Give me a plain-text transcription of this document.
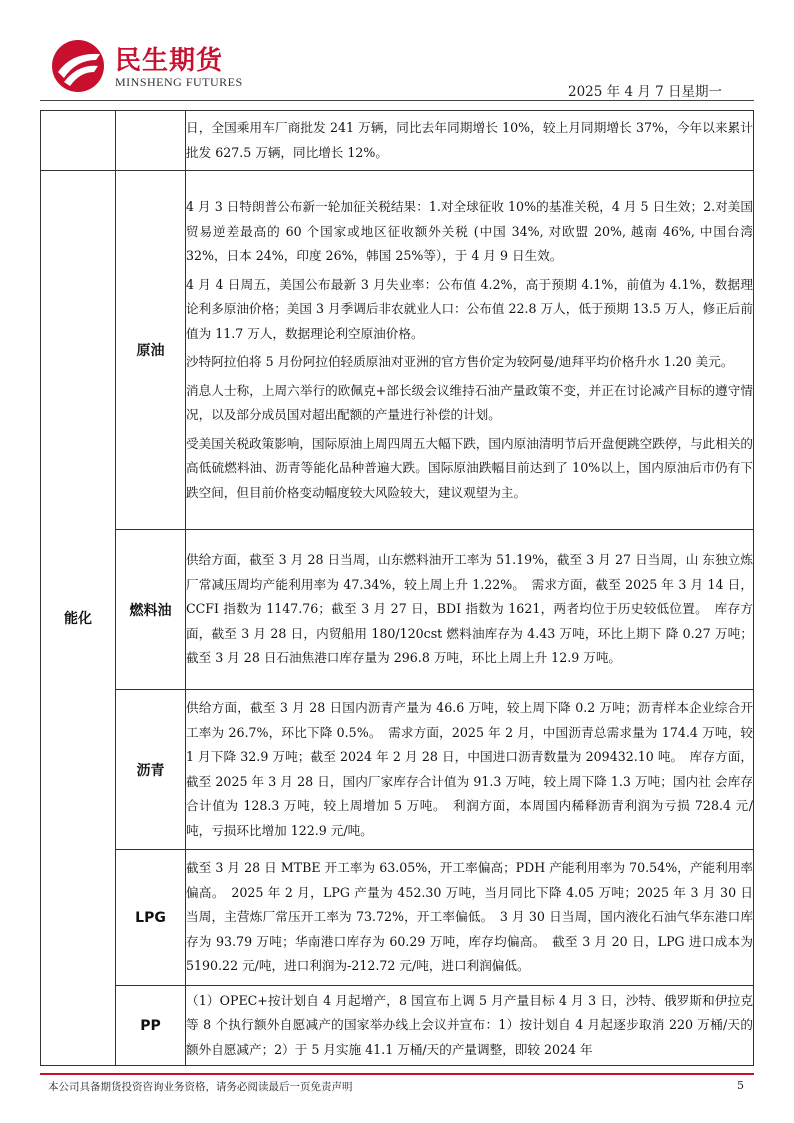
民生期货
MINSHENG FUTURES
2025 年 4 月 7 日星期一
		日，全国乘用车厂商批发 241 万辆，同比去年同期增长 10%，较上月同期增长 37%，今年以来累计批发 627.5 万辆，同比增长 12%。
能化	原油	4 月 3 日特朗普公布新一轮加征关税结果：1.对全球征收 10%的基准关税，4 月 5 日生效；2.对美国贸易逆差最高的 60 个国家或地区征收额外关税 (中国 34%, 对欧盟 20%, 越南 46%, 中国台湾 32%，日本 24%，印度 26%，韩国 25%等），于 4 月 9 日生效。

4 月 4 日周五，美国公布最新 3 月失业率：公布值 4.2%，高于预期 4.1%，前值为 4.1%，数据理论利多原油价格；美国 3 月季调后非农就业人口：公布值 22.8 万人，低于预期 13.5 万人，修正后前值为 11.7 万人，数据理论利空原油价格。

沙特阿拉伯将 5 月份阿拉伯轻质原油对亚洲的官方售价定为较阿曼/迪拜平均价格升水 1.20 美元。

消息人士称，上周六举行的欧佩克+部长级会议维持石油产量政策不变，并正在讨论减产目标的遵守情况，以及部分成员国对超出配额的产量进行补偿的计划。

受美国关税政策影响，国际原油上周四周五大幅下跌，国内原油清明节后开盘便跳空跌停，与此相关的高低硫燃料油、沥青等能化品种普遍大跌。国际原油跌幅目前达到了 10%以上，国内原油后市仍有下跌空间，但目前价格变动幅度较大风险较大，建议观望为主。

	燃料油	供给方面，截至 3 月 28 日当周，山东燃料油开工率为 51.19%，截至 3 月 27 日当周，山 东独立炼厂常减压周均产能利用率为 47.34%，较上周上升 1.22%。　需求方面，截至 2025 年 3 月 14 日，CCFI 指数为 1147.76；截至 3 月 27 日，BDI 指数为 1621，两者均位于历史较低位置。　库存方面，截至 3 月 28 日，内贸船用 180/120cst 燃料油库存为 4.43 万吨，环比上期下 降 0.27 万吨；截至 3 月 28 日石油焦港口库存量为 296.8 万吨，环比上周上升 12.9 万吨。
	沥青	供给方面，截至 3 月 28 日国内沥青产量为 46.6 万吨，较上周下降 0.2 万吨；沥青样本企业综合开工率为 26.7%，环比下降 0.5%。　需求方面，2025 年 2 月，中国沥青总需求量为 174.4 万吨，较 1 月下降 32.9 万吨；截至 2024 年 2 月 28 日，中国进口沥青数量为 209432.10 吨。　库存方面，截至 2025 年 3 月 28 日，国内厂家库存合计值为 91.3 万吨，较上周下降 1.3 万吨；国内社 会库存合计值为 128.3 万吨，较上周增加 5 万吨。　利润方面，本周国内稀释沥青利润为亏损 728.4 元/吨，亏损环比增加 122.9 元/吨。
	LPG	截至 3 月 28 日 MTBE 开工率为 63.05%，开工率偏高；PDH 产能利用率为 70.54%，产能利用率偏高。　2025 年 2 月，LPG 产量为 452.30 万吨，当月同比下降 4.05 万吨；2025 年 3 月 30 日当周，主营炼厂常压开工率为 73.72%，开工率偏低。　3 月 30 日当周，国内液化石油气华东港口库存为 93.79 万吨；华南港口库存为 60.29 万吨，库存均偏高。　截至 3 月 20 日，LPG 进口成本为 5190.22 元/吨，进口利润为-212.72 元/吨，进口利润偏低。
	PP	（1）OPEC+按计划自 4 月起增产，8 国宣布上调 5 月产量目标 4 月 3 日，沙特、俄罗斯和伊拉克等 8 个执行额外自愿减产的国家举办线上会议并宣布：1）按计划自 4 月起逐步取消 220 万桶/天的额外自愿减产；2）于 5 月实施 41.1 万桶/天的产量调整，即较 2024 年
本公司具备期货投资咨询业务资格，请务必阅读最后一页免责声明	5
